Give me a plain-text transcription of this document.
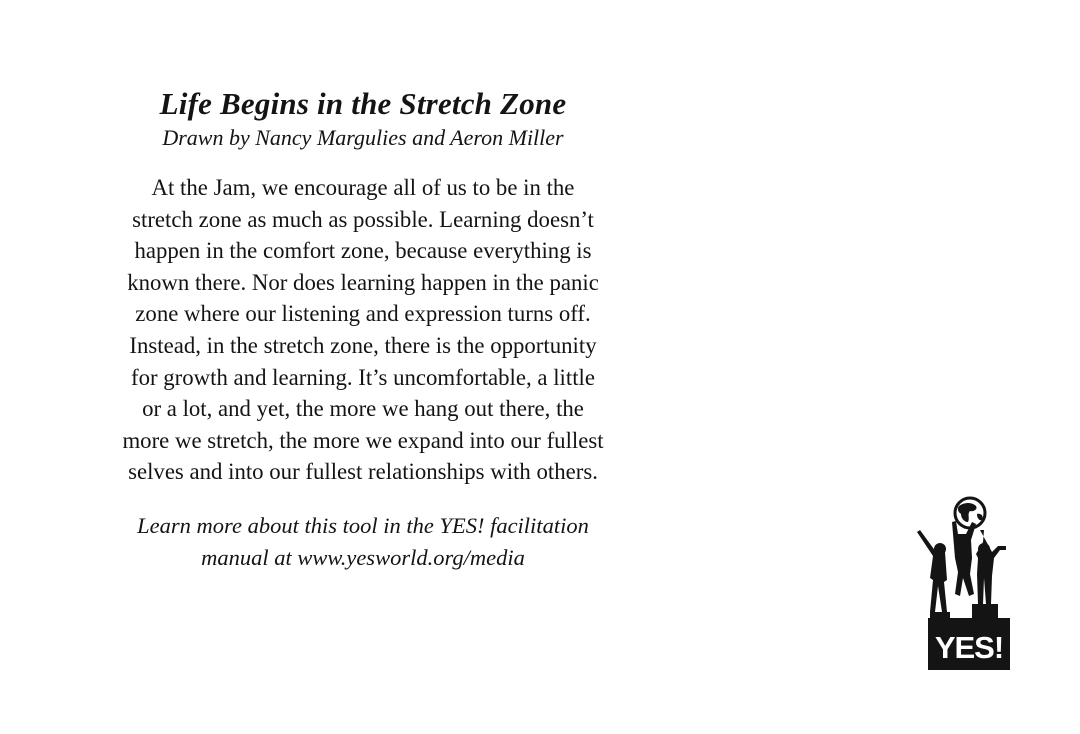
Life Begins in the Stretch Zone

Drawn by Nancy Margulies and Aeron Miller

At the Jam, we encourage all of us to be in the
stretch zone as much as possible. Learning doesn’t
happen in the comfort zone, because everything is
known there. Nor does learning happen in the panic
zone where our listening and expression turns off.
Instead, in the stretch zone, there is the opportunity
for growth and learning. It’s uncomfortable, a little
or a lot, and yet, the more we hang out there, the
more we stretch, the more we expand into our fullest
selves and into our fullest relationships with others.

Learn more about this tool in the YES! facilitation
manual at www.yesworld.org/media

YES!
